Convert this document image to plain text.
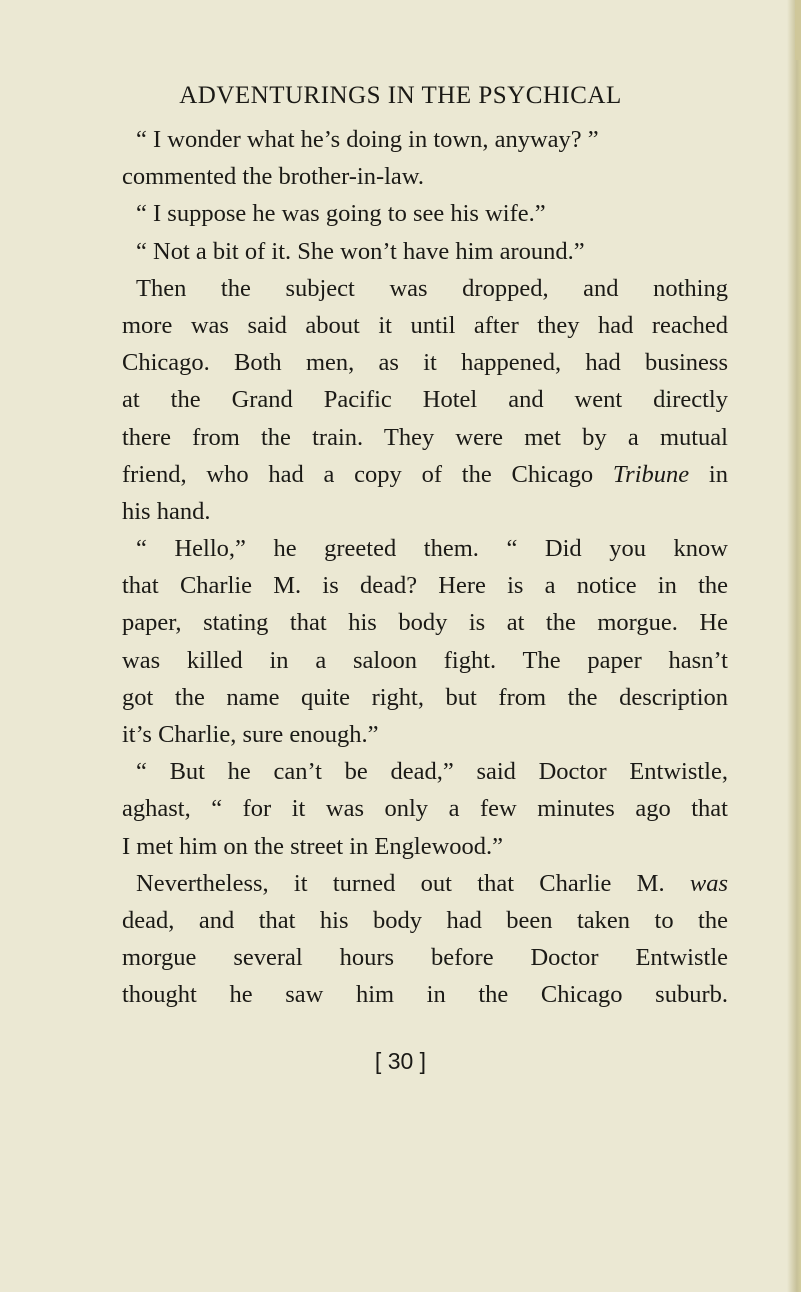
ADVENTURINGS IN THE PSYCHICAL
“ I wonder what he’s doing in town, anyway? ”
commented the brother-in-law.
“ I suppose he was going to see his wife.”
“ Not a bit of it. She won’t have him around.”
Then the subject was dropped, and nothing
more was said about it until after they had reached
Chicago. Both men, as it happened, had business
at the Grand Pacific Hotel and went directly
there from the train. They were met by a mutual
friend, who had a copy of the Chicago Tribune in
his hand.
“ Hello,” he greeted them. “ Did you know
that Charlie M. is dead? Here is a notice in the
paper, stating that his body is at the morgue. He
was killed in a saloon fight. The paper hasn’t
got the name quite right, but from the description
it’s Charlie, sure enough.”
“ But he can’t be dead,” said Doctor Entwistle,
aghast, “ for it was only a few minutes ago that
I met him on the street in Englewood.”
Nevertheless, it turned out that Charlie M. was
dead, and that his body had been taken to the
morgue several hours before Doctor Entwistle
thought he saw him in the Chicago suburb.
[ 30 ]
